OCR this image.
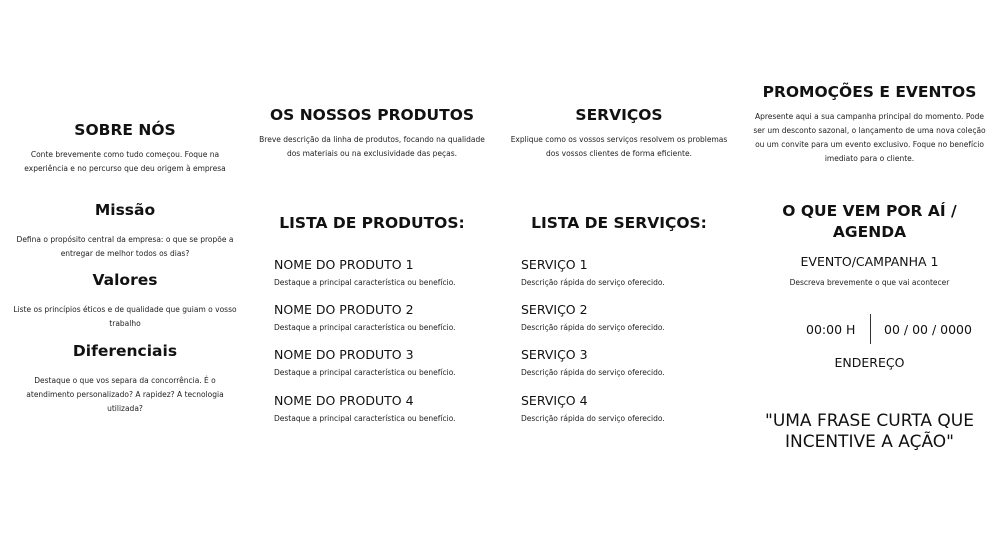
SOBRE NÓS

Conte brevemente como tudo começou. Foque na experiência e no percurso que deu origem à empresa

Missão

Defina o propósito central da empresa: o que se propõe a entregar de melhor todos os dias?

Valores

Liste os princípios éticos e de qualidade que guiam o vosso trabalho

Diferenciais

Destaque o que vos separa da concorrência. É o atendimento personalizado? A rapidez? A tecnologia utilizada?

OS NOSSOS PRODUTOS

Breve descrição da linha de produtos, focando na qualidade dos materiais ou na exclusividade das peças.

LISTA DE PRODUTOS:
NOME DO PRODUTO 1
Destaque a principal característica ou benefício.
NOME DO PRODUTO 2
Destaque a principal característica ou benefício.
NOME DO PRODUTO 3
Destaque a principal característica ou benefício.
NOME DO PRODUTO 4
Destaque a principal característica ou benefício.
SERVIÇOS

Explique como os vossos serviços resolvem os problemas dos vossos clientes de forma eficiente.

LISTA DE SERVIÇOS:
SERVIÇO 1
Descrição rápida do serviço oferecido.
SERVIÇO 2
Descrição rápida do serviço oferecido.
SERVIÇO 3
Descrição rápida do serviço oferecido.
SERVIÇO 4
Descrição rápida do serviço oferecido.
PROMOÇÕES E EVENTOS

Apresente aqui a sua campanha principal do momento. Pode ser um desconto sazonal, o lançamento de uma nova coleção ou um convite para um evento exclusivo. Foque no benefício imediato para o cliente.

O QUE VEM POR AÍ / AGENDA
EVENTO/CAMPANHA 1

Descreva brevemente o que vai acontecer

00:00 H 00 / 00 / 0000
ENDEREÇO
"UMA FRASE CURTA QUE INCENTIVE A AÇÃO"
